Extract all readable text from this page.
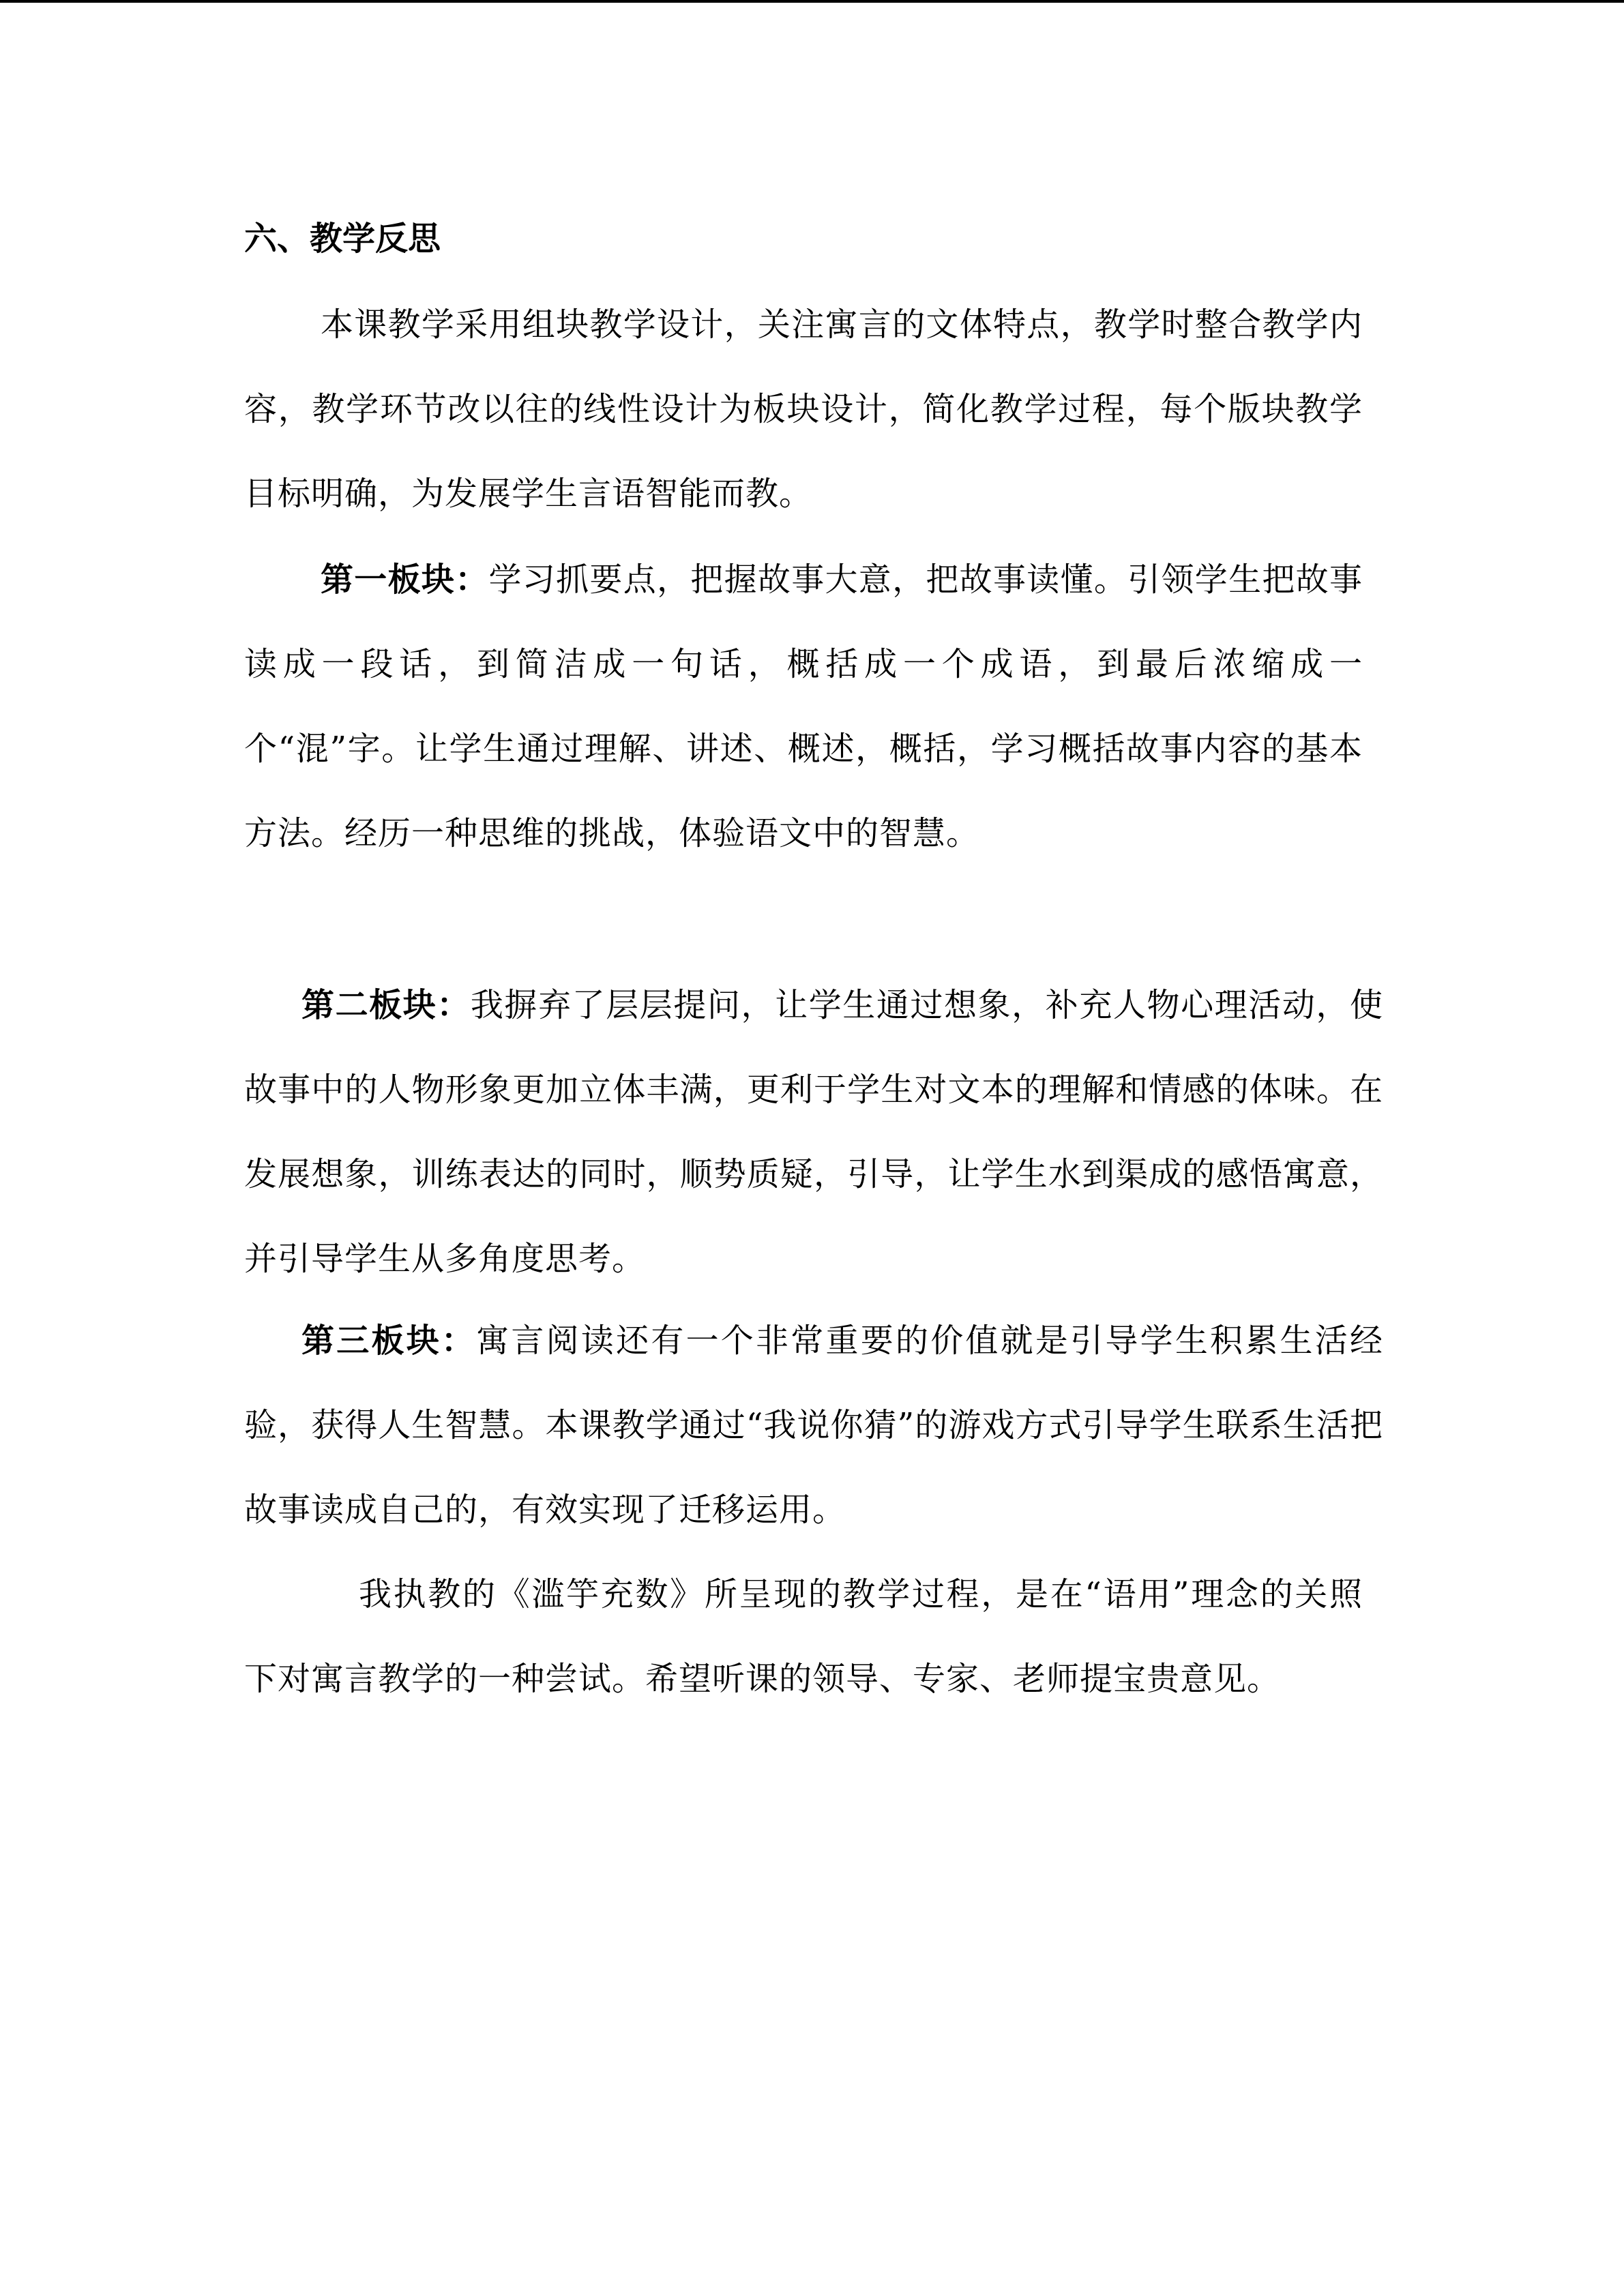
六、教学反思

本课教学采用组块教学设计，关注寓言的文体特点，教学时整合教学内容，教学环节改以往的线性设计为板块设计，简化教学过程，每个版块教学目标明确，为发展学生言语智能而教。

第一板块：学习抓要点，把握故事大意，把故事读懂。引领学生把故事读成一段话，到简洁成一句话，概括成一个成语，到最后浓缩成一个“混”字。让学生通过理解、讲述、概述，概括，学习概括故事内容的基本方法。经历一种思维的挑战，体验语文中的智慧。

第二板块：我摒弃了层层提问，让学生通过想象，补充人物心理活动，使故事中的人物形象更加立体丰满，更利于学生对文本的理解和情感的体味。在发展想象，训练表达的同时，顺势质疑，引导，让学生水到渠成的感悟寓意，并引导学生从多角度思考。

第三板块：寓言阅读还有一个非常重要的价值就是引导学生积累生活经验，获得人生智慧。本课教学通过“我说你猜”的游戏方式引导学生联系生活把故事读成自己的，有效实现了迁移运用。

我执教的《滥竽充数》所呈现的教学过程，是在“语用”理念的关照下对寓言教学的一种尝试。希望听课的领导、专家、老师提宝贵意见。
